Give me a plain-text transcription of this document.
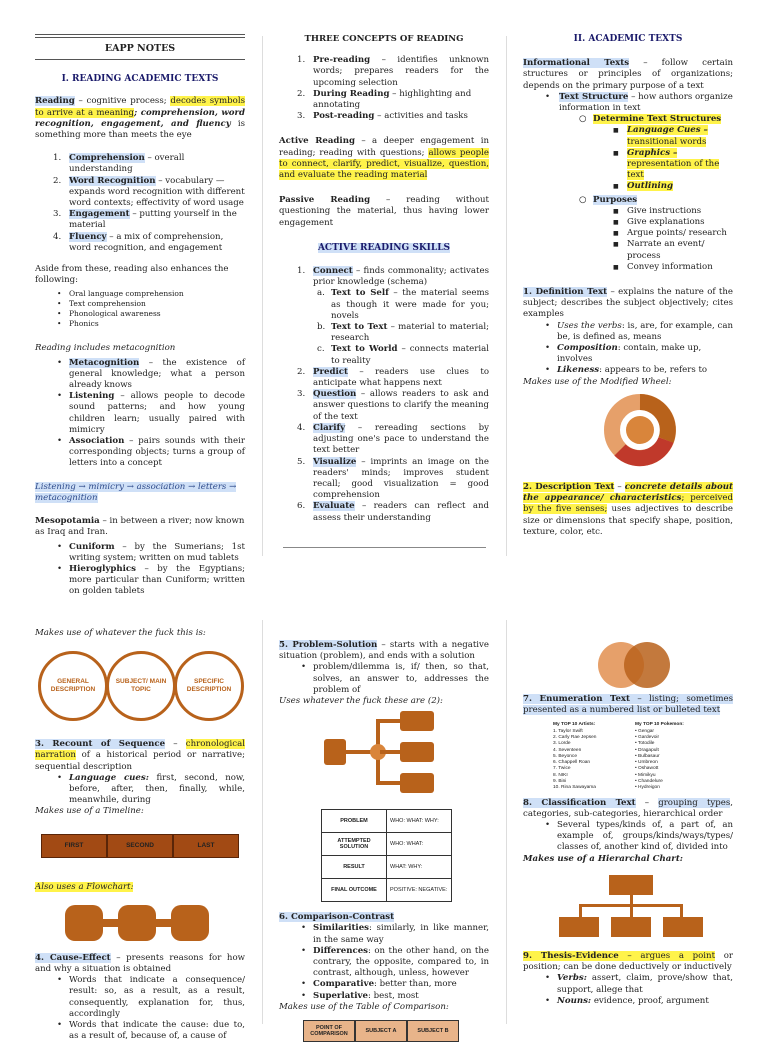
EAPP NOTES
I. READING ACADEMIC TEXTS

Reading – cognitive process; decodes symbols to arrive at a meaning; comprehension, word recognition, engagement, and fluency is something more than meets the eye

1. Comprehension – overall understanding
2. Word Recognition – vocabulary — expands word recognition with different word contexts; effectivity of word usage
3. Engagement – putting yourself in the material
4. Fluency – a mix of comprehension, word recognition, and engagement

Aside from these, reading also enhances the following:

• Oral language comprehension
• Text comprehension
• Phonological awareness
• Phonics

Reading includes metacognition

• Metacognition – the existence of general knowledge; what a person already knows
• Listening – allows people to decode sound patterns; and how young children learn; usually paired with mimicry
• Association – pairs sounds with their corresponding objects; turns a group of letters into a concept

Listening → mimicry → association → letters → metacognition

Mesopotamia – in between a river; now known as Iraq and Iran.

• Cuniform – by the Sumerians; 1st writing system; written on mud tablets
• Hieroglyphics – by the Egyptians; more particular than Cuniform; written on golden tablets
THREE CONCEPTS OF READING
1. Pre-reading – identifies unknown words; prepares readers for the upcoming selection
2. During Reading – highlighting and annotating
3. Post-reading – activities and tasks

Active Reading – a deeper engagement in reading; reading with questions; allows people to connect, clarify, predict, visualize, question, and evaluate the reading material

Passive Reading – reading without questioning the material, thus having lower engagement

ACTIVE READING SKILLS
1. Connect – finds commonality; activates prior knowledge (schema)
a. Text to Self – the material seems as though it were made for you; novels
b. Text to Text – material to material; research
c. Text to World – connects material to reality
2. Predict – readers use clues to anticipate what happens next
3. Question – allows readers to ask and answer questions to clarify the meaning of the text
4. Clarify – rereading sections by adjusting one's pace to understand the text better
5. Visualize – imprints an image on the readers' minds; improves student recall; good visualization = good comprehension
6. Evaluate – readers can reflect and assess their understanding
II. ACADEMIC TEXTS

Informational Texts – follow certain structures or principles of organizations; depends on the primary purpose of a text

• Text Structure – how authors organize information in text
○ Determine Text Structures
■ Language Cues –
transitional words
■ Graphics – representation of the text
■ Outlining
○ Purposes
■ Give instructions
■ Give explanations
■ Argue points/ research
■ Narrate an event/ process
■ Convey information

1. Definition Text – explains the nature of the subject; describes the subject objectively; cites examples

• Uses the verbs: is, are, for example, can be, is defined as, means
• Composition: contain, make up, involves
• Likeness: appears to be, refers to

Makes use of the Modified Wheel:

2. Description Text – concrete details about the appearance/ characteristics; perceived by the five senses; uses adjectives to describe size or dimensions that specify shape, position, texture, color, etc.

Makes use of whatever the fuck this is:

GENERAL DESCRIPTION
SUBJECT/ MAIN TOPIC
SPECIFIC DESCRIPTION

3. Recount of Sequence – chronological narration of a historical period or narrative; sequential description

• Language cues: first, second, now, before, after, then, finally, while, meanwhile, during

Makes use of a Timeline:

FIRST	SECOND	LAST

Also uses a Flowchart:

4. Cause-Effect – presents reasons for how and why a situation is obtained

• Words that indicate a consequence/ result: so, as a result, as a result, consequently, explanation for, thus, accordingly
• Words that indicate the cause: due to, as a result of, because of, a cause of

5. Problem-Solution – starts with a negative situation (problem), and ends with a solution

• problem/dilemma is, if/ then, so that, solves, an answer to, addresses the problem of

Uses whatever the fuck these are (2):

PROBLEM	WHO: WHAT: WHY:
ATTEMPTED SOLUTION	WHO: WHAT:
RESULT	WHAT: WHY:
FINAL OUTCOME	POSITIVE: NEGATIVE:

6. Comparison-Contrast

• Similarities: similarly, in like manner, in the same way
• Differences: on the other hand, on the contrary, the opposite, compared to, in contrast, although, unless, however
• Comparative: better than, more
• Superlative: best, most

Makes use of the Table of Comparison:

POINT OF COMPARISON
SUBJECT A	SUBJECT B

7. Enumeration Text – listing; sometimes presented as a numbered list or bulleted text

My TOP 10 Artists:
1. Taylor Swift
2. Carly Rae Jepsen
3. Lorde
4. Seventeen
5. Beyonce
6. Chappell Roan
7. Twice
8. NIKI
9. Bini
10. Rina Sawayama
My TOP 10 Pokemon:
• Gengar
• Gardevoir
• Totodile
• Dragapult
• Bulbasaur
• Umbreon
• Oshawott
• Mimikyu
• Chandelure
• Hydreigon

8. Classification Text – grouping types, categories, sub-categories, hierarchical order

• Several types/kinds of, a part of, an example of, groups/kinds/ways/types/ classes of, another kind of, divided into

Makes use of a Hierarchal Chart:

9. Thesis-Evidence – argues a point or position; can be done deductively or inductively

• Verbs: assert, claim, prove/show that, support, allege that
• Nouns: evidence, proof, argument
